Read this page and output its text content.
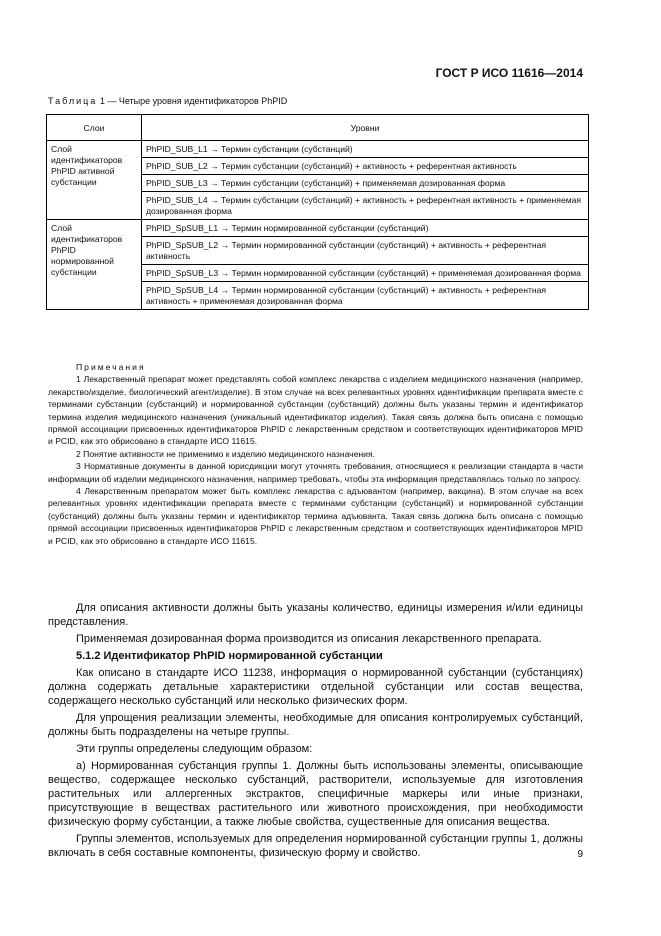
ГОСТ Р ИСО 11616—2014
Таблица 1 — Четыре уровня идентификаторов PhPID
Слои	Уровни
Слой идентификаторов PhPID активной субстанции	PhPID_SUB_L1 → Термин субстанции (субстанций)
	PhPID_SUB_L2 → Термин субстанции (субстанций) + активность + референтная активность
	PhPID_SUB_L3 → Термин субстанции (субстанций) + применяемая дозированная форма
	PhPID_SUB_L4 → Термин субстанции (субстанций) + активность + референтная активность + применяемая дозированная форма
Слой идентификаторов PhPID нормированной субстанции	PhPID_SpSUB_L1 → Термин нормированной субстанции (субстанций)
	PhPID_SpSUB_L2 → Термин нормированной субстанции (субстанций) + активность + референтная активность
	PhPID_SpSUB_L3 → Термин нормированной субстанции (субстанций) + применяемая дозированная форма
	PhPID_SpSUB_L4 → Термин нормированной субстанции (субстанций) + активность + референтная активность + применяемая дозированная форма

Примечания

1 Лекарственный препарат может представлять собой комплекс лекарства с изделием медицинского назначения (например, лекарство/изделие, биологический агент/изделие). В этом случае на всех релевантных уровнях идентификации препарата вместе с терминами субстанции (субстанций) и нормированной субстанции (субстанций) должны быть указаны термин и идентификатор термина изделия медицинского назначения (уникальный идентификатор изделия). Такая связь должна быть описана с помощью прямой ассоциации присвоенных идентификаторов PhPID с лекарственным средством и соответствующих идентификаторов MPID и PCID, как это обрисовано в стандарте ИСО 11615.

2 Понятие активности не применимо к изделию медицинского назначения.

3 Нормативные документы в данной юрисдикции могут уточнять требования, относящиеся к реализации стандарта в части информации об изделии медицинского назначения, например требовать, чтобы эта информация представлялась только по запросу.

4 Лекарственным препаратом может быть комплекс лекарства с адъювантом (например, вакцина). В этом случае на всех релевантных уровнях идентификации препарата вместе с терминами субстанции (субстанций) и нормированной субстанции (субстанций) должны быть указаны термин и идентификатор термина адъюванта. Такая связь должна быть описана с помощью прямой ассоциации присвоенных идентификаторов PhPID с лекарственным средством и соответствующих идентификаторов MPID и PCID, как это обрисовано в стандарте ИСО 11615.

Для описания активности должны быть указаны количество, единицы измерения и/или единицы представления.

Применяемая дозированная форма производится из описания лекарственного препарата.

5.1.2 Идентификатор PhPID нормированной субстанции

Как описано в стандарте ИСО 11238, информация о нормированной субстанции (субстанциях) должна содержать детальные характеристики отдельной субстанции или состав вещества, содержащего несколько субстанций или несколько физических форм.

Для упрощения реализации элементы, необходимые для описания контролируемых субстанций, должны быть подразделены на четыре группы.

Эти группы определены следующим образом:

а) Нормированная субстанция группы 1. Должны быть использованы элементы, описывающие вещество, содержащее несколько субстанций, растворители, используемые для изготовления растительных или аллергенных экстрактов, специфичные маркеры или иные признаки, присутствующие в веществах растительного или животного происхождения, при необходимости физическую форму субстанции, а также любые свойства, существенные для описания вещества.

Группы элементов, используемых для определения нормированной субстанции группы 1, должны включать в себя составные компоненты, физическую форму и свойство.	9
